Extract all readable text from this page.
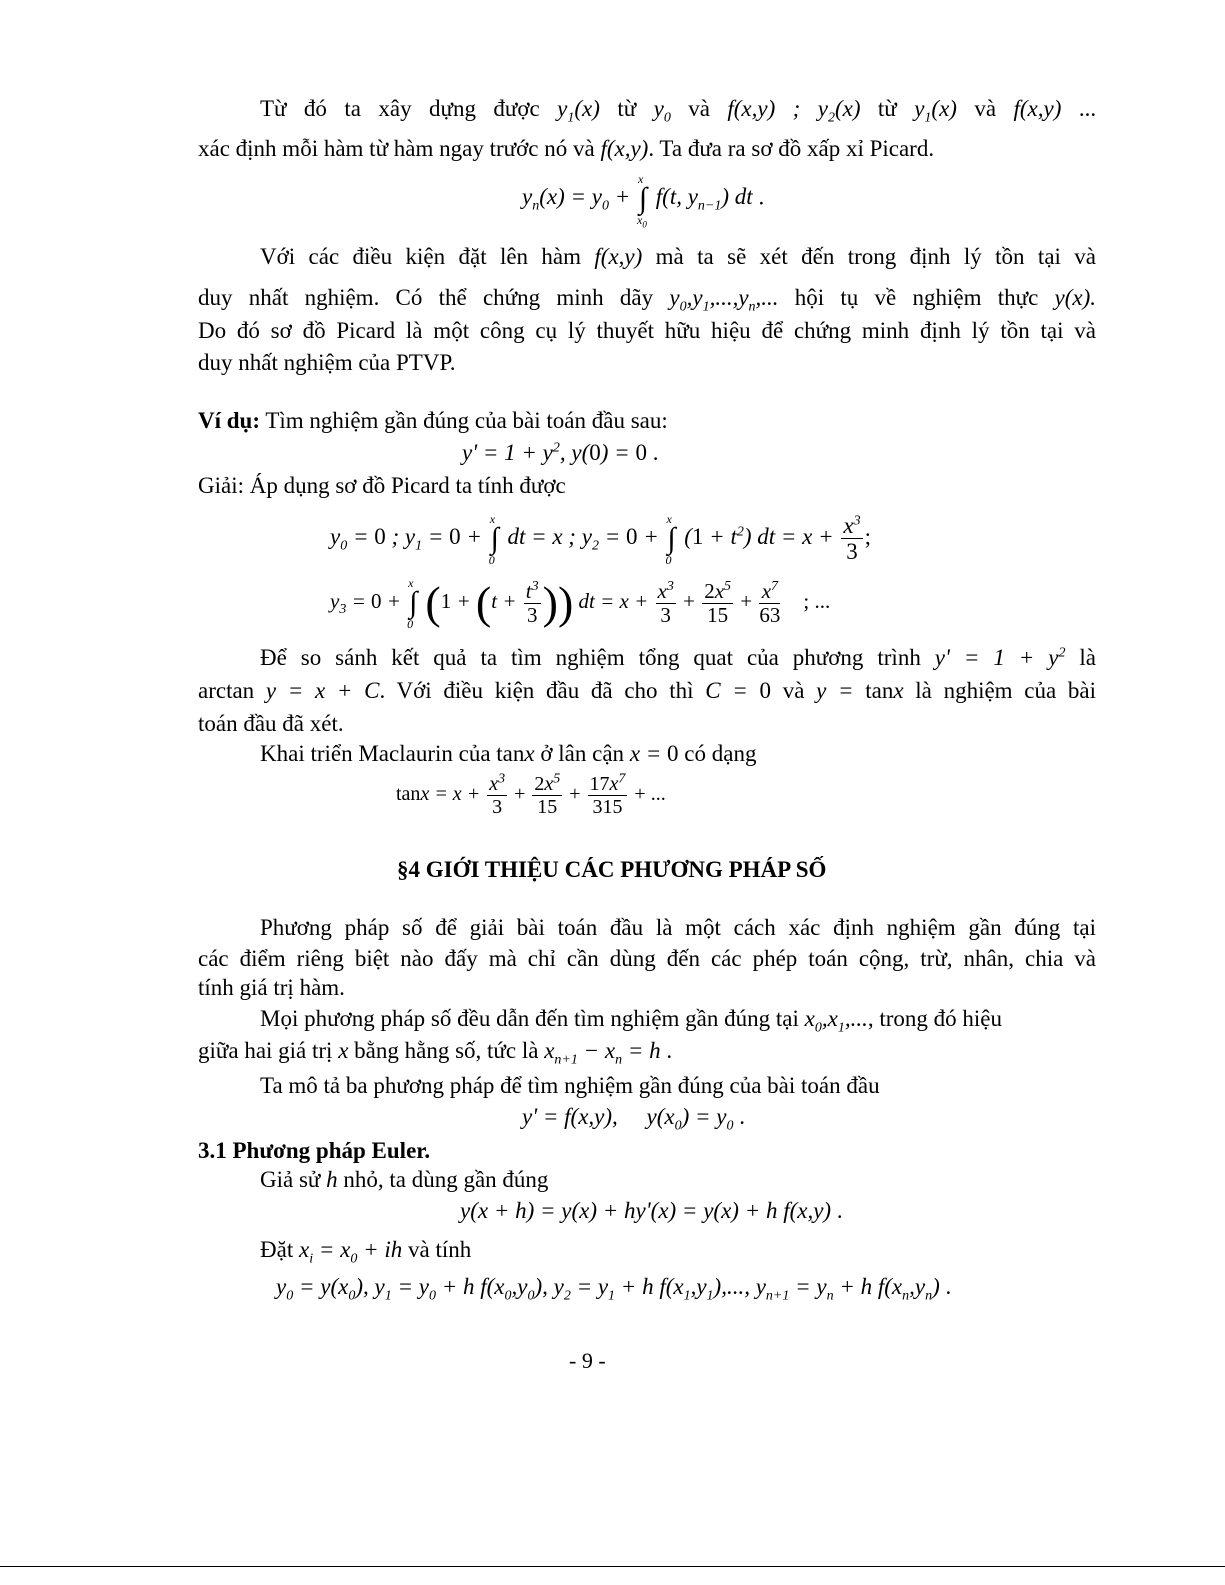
Từ đó ta xây dựng được $y_1(x)$ từ $y_0$ và f(x,y) ; $y_2(x)$ từ $y_1(x)$ và f(x,y) ...
xác định mỗi hàm từ hàm ngay trước nó và f(x,y). Ta đưa ra sơ đồ xấp xỉ Picard.
$y_n(x) = y_0$ +
x
∫
$x_0$
f(t, $y_{n-1}$) dt .
Với các điều kiện đặt lên hàm f(x,y) mà ta sẽ xét đến trong định lý tồn tại và
duy nhất nghiệm. Có thể chứng minh dãy $y_0,y_1,...,y_n$,... hội tụ về nghiệm thực y(x).
Do đó sơ đồ Picard là một công cụ lý thuyết hữu hiệu để chứng minh định lý tồn tại và
duy nhất nghiệm của PTVP.
Ví dụ: Tìm nghiệm gần đúng của bài toán đầu sau:
$y' = 1 + y^2$, y(0) = 0 .
Giải: Áp dụng sơ đồ Picard ta tính được
$y_0 = 0$ ; $y_1 = 0$ +
x
∫
0
dt = x ; $y_2 = 0$ +
x
∫
0
$(1 + t^2)$ dt = $x + \frac{x^3}{3}$ ;
$y_3 = 0$ +
x
∫
0 ($1 + (t + \frac{t^3}{3}$ )) dt = $x + \frac{x^3}{3} + \frac{2x^5}{15} + \frac{x^7}{63}$ ; ...
Để so sánh kết quả ta tìm nghiệm tổng quat của phương trình $y' = 1 + y^2$ là
arctan y = x + C. Với điều kiện đầu đã cho thì C = 0 và y = tanx là nghiệm của bài
toán đầu đã xét.
Khai triển Maclaurin của tanx ở lân cận x = 0 có dạng
$\tan x = x + \frac{x^3}{3} + \frac{2x^5}{15} + \frac{17x^7}{315}$ + ...
§4 GIỚI THIỆU CÁC PHƯƠNG PHÁP SỐ
Phương pháp số để giải bài toán đầu là một cách xác định nghiệm gần đúng tại
các điểm riêng biệt nào đấy mà chỉ cần dùng đến các phép toán cộng, trừ, nhân, chia và
tính giá trị hàm.
Mọi phương pháp số đều dẫn đến tìm nghiệm gần đúng tại $x_0,x_1$,..., trong đó hiệu
giữa hai giá trị x bằng hằng số, tức là $x_{n+1} - x_n = h$ .
Ta mô tả ba phương pháp để tìm nghiệm gần đúng của bài toán đầu
y' = f(x,y),     $y(x_0) = y_0$ .
3.1 Phương pháp Euler.
Giả sử h nhỏ, ta dùng gần đúng
y(x + h) = y(x) + hy'(x) = y(x) + h f(x,y) .
Đặt $x_i = x_0$ + ih và tính
$y_0 = y(x_0)$, $y_1 = y_0 + h$ $f(x_0,y_0)$, $y_2 = y_1 + h$ $f(x_1,y_1)$,..., $y_{n+1} = y_n + h$ $f(x_n,y_n)$ .
- 9 -
